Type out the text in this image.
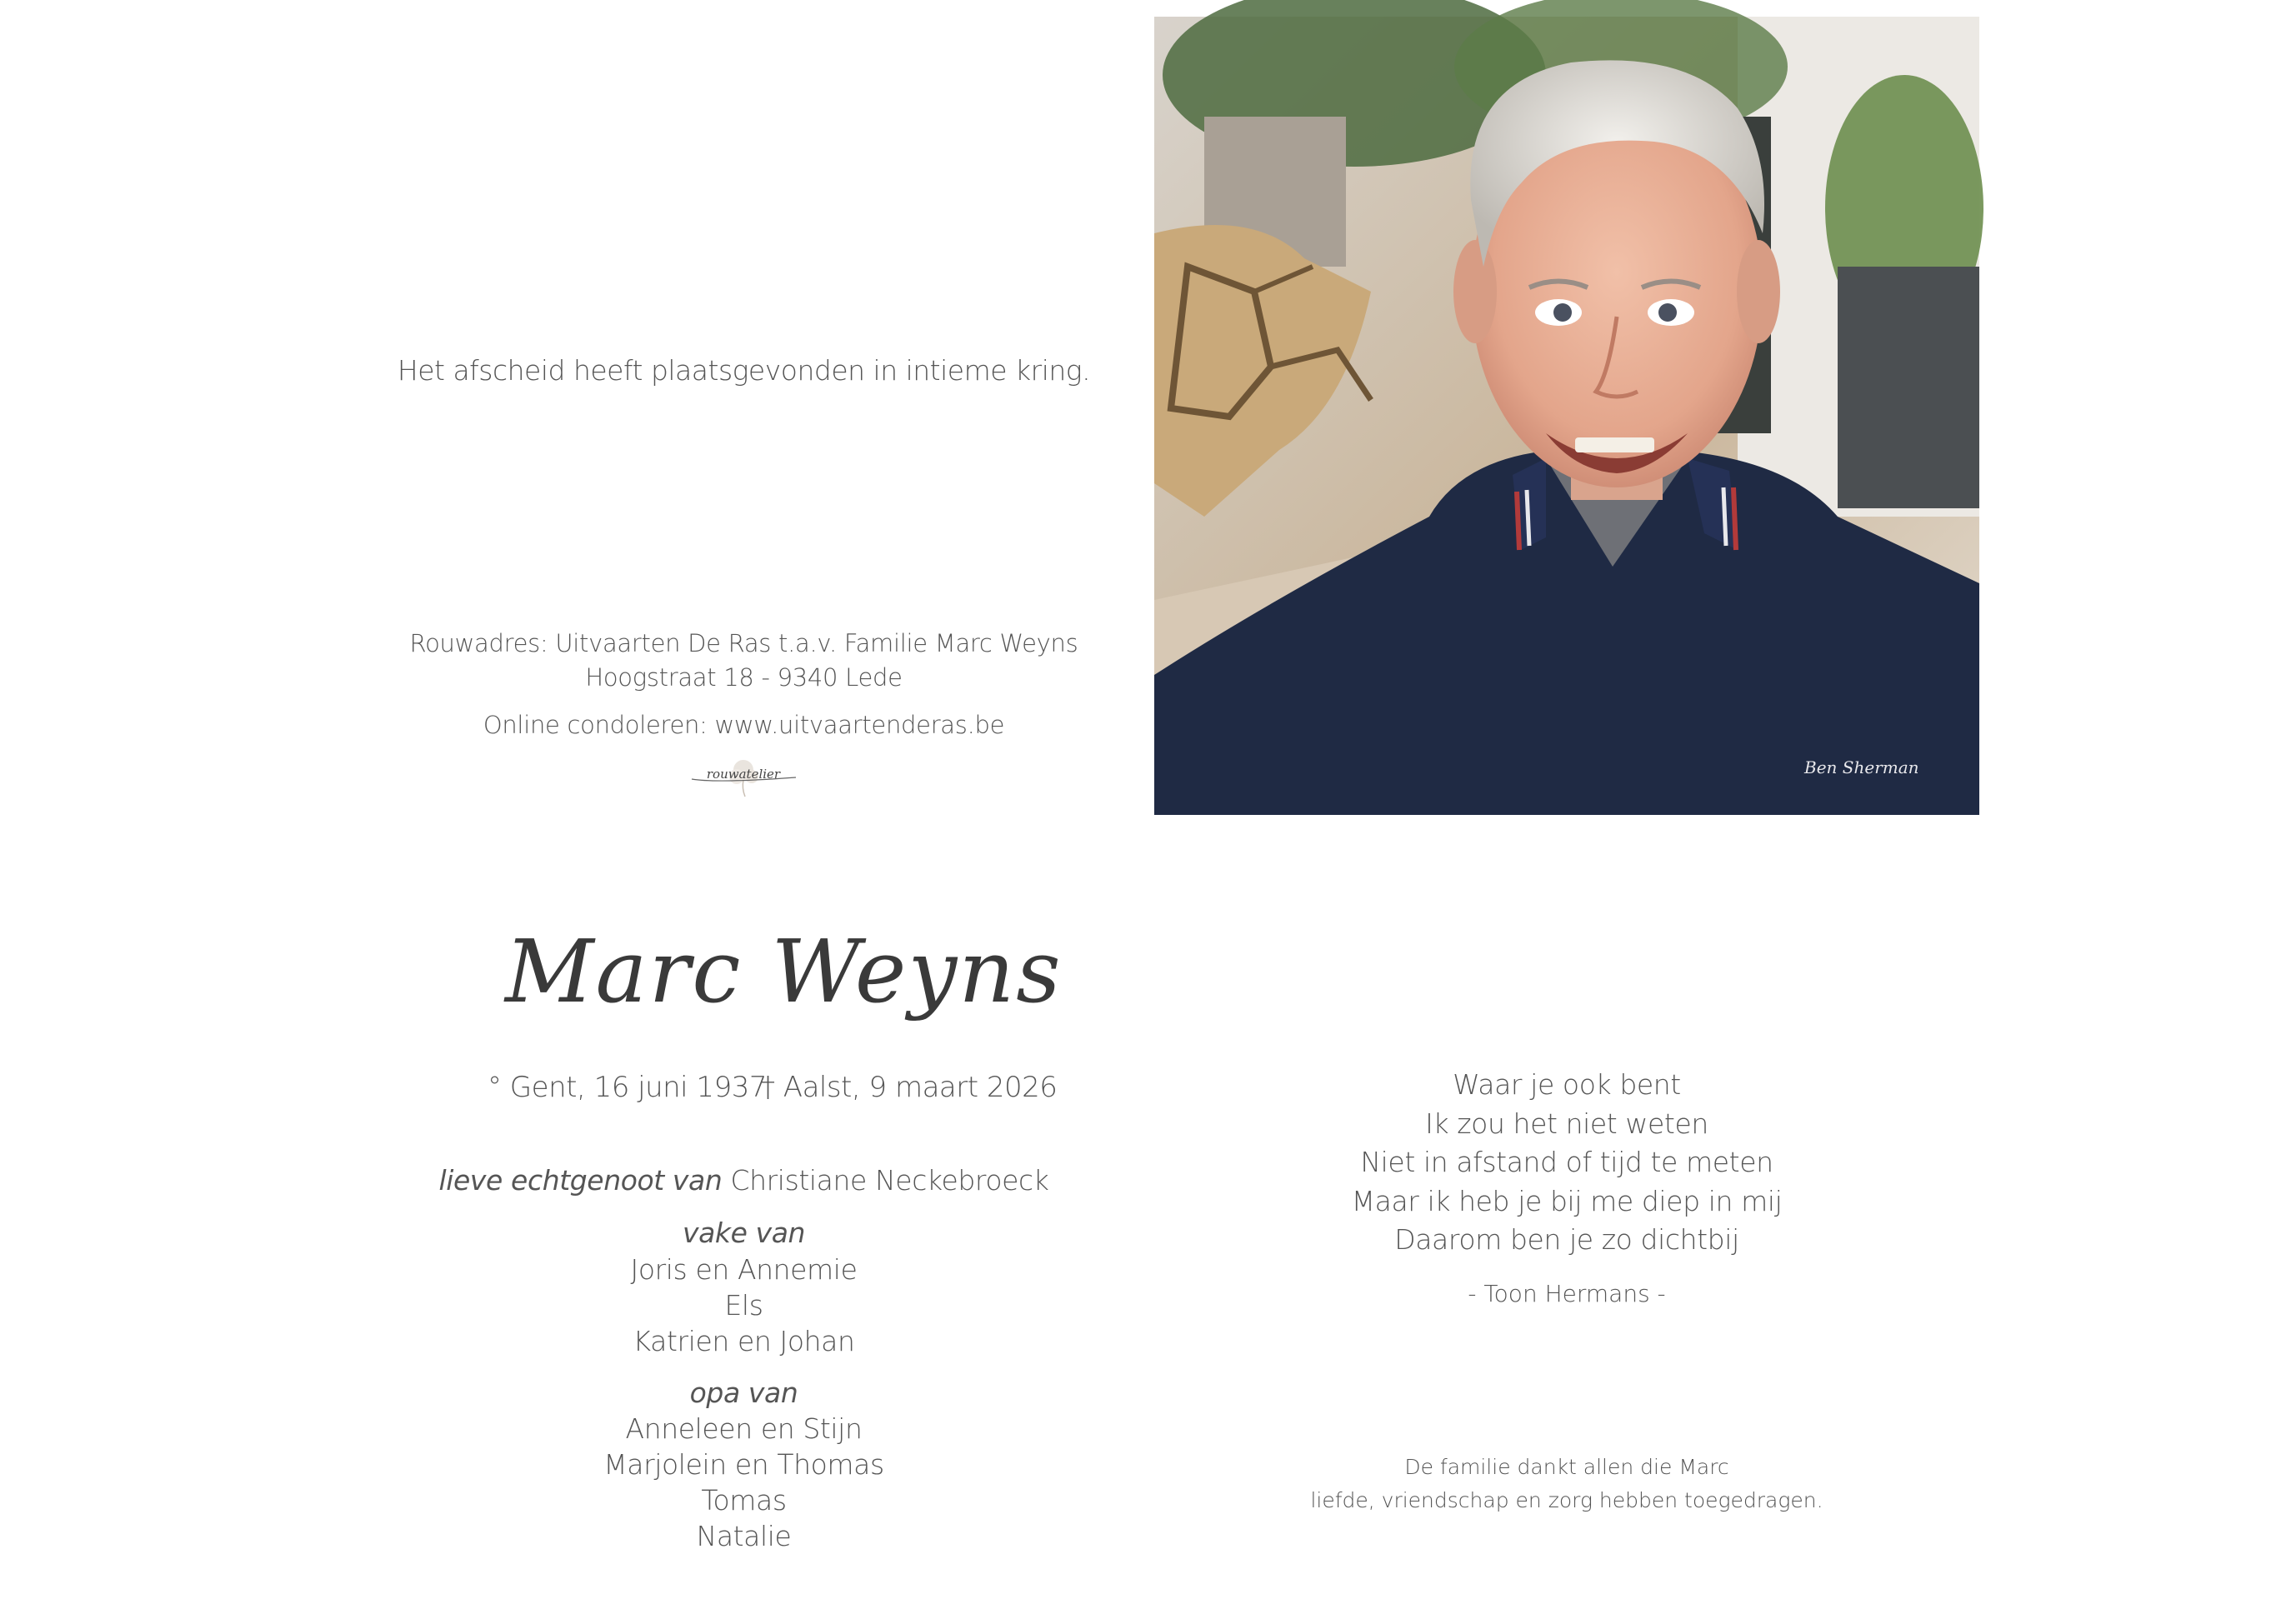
Het afscheid heeft plaatsgevonden in intieme kring.
Rouwadres: Uitvaarten De Ras t.a.v. Familie Marc Weyns
Hoogstraat 18 - 9340 Lede
Online condoleren: www.uitvaartenderas.be
rouwatelier	Ben Sherman
Marc Weyns
° Gent, 16 juni 1937
† Aalst, 9 maart 2026
lieve echtgenoot van Christiane Neckebroeck
vake van
Joris en Annemie
Els
Katrien en Johan
opa van
Anneleen en Stijn
Marjolein en Thomas
Tomas
Natalie
Waar je ook bent
Ik zou het niet weten
Niet in afstand of tijd te meten
Maar ik heb je bij me diep in mij
Daarom ben je zo dichtbij
- Toon Hermans -
De familie dankt allen die Marc
liefde, vriendschap en zorg hebben toegedragen.
